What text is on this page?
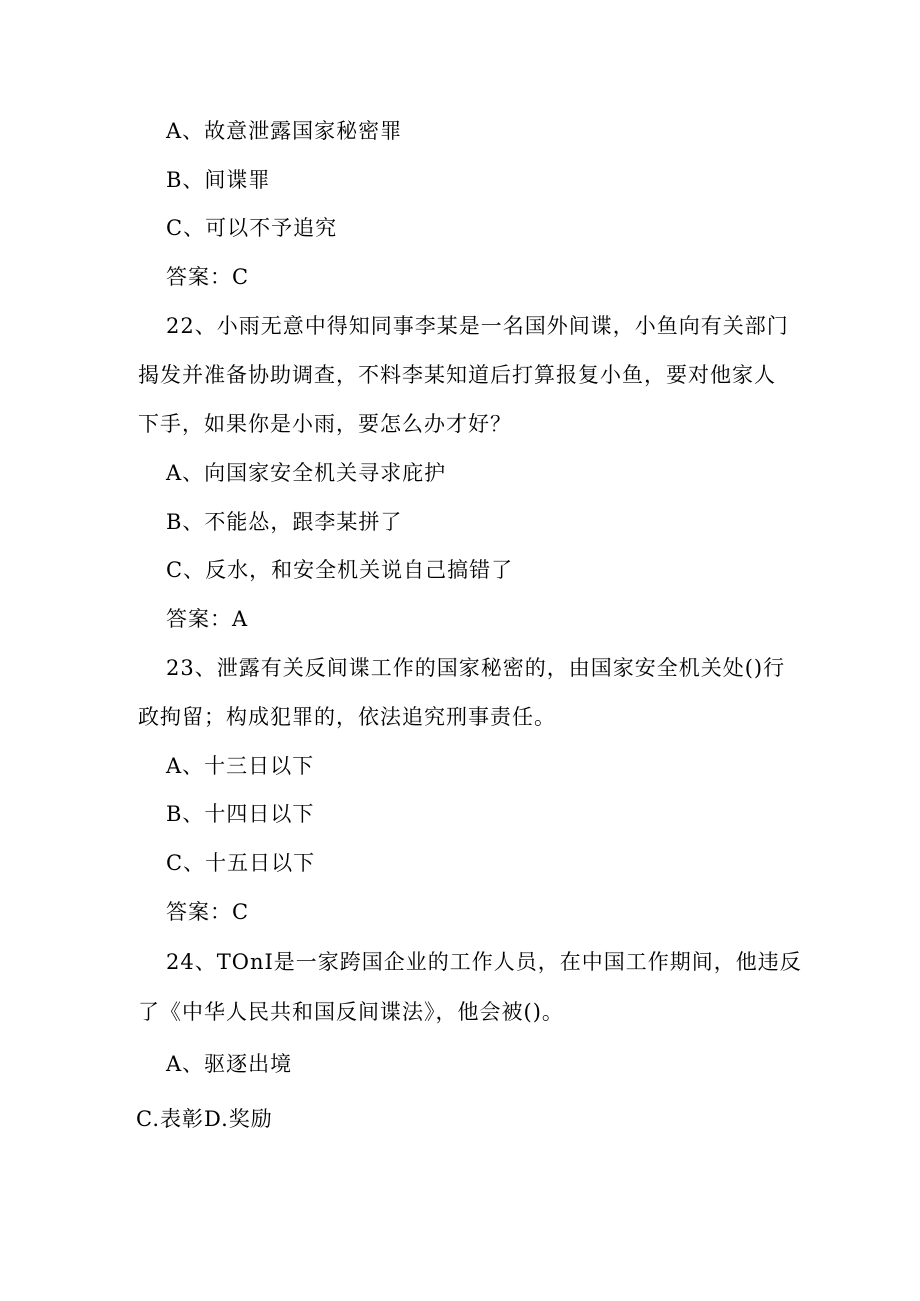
A、故意泄露国家秘密罪
B、间谍罪
C、可以不予追究
答案：C
22、小雨无意中得知同事李某是一名国外间谍，小鱼向有关部门
揭发并准备协助调查，不料李某知道后打算报复小鱼，要对他家人
下手，如果你是小雨，要怎么办才好？
A、向国家安全机关寻求庇护
B、不能怂，跟李某拼了
C、反水，和安全机关说自己搞错了
答案：A
23、泄露有关反间谍工作的国家秘密的，由国家安全机关处()行
政拘留；构成犯罪的，依法追究刑事责任。
A、十三日以下
B、十四日以下
C、十五日以下
答案：C
24、TOnI是一家跨国企业的工作人员，在中国工作期间，他违反
了《中华人民共和国反间谍法》，他会被()。
A、驱逐出境
C.表彰D.奖励
